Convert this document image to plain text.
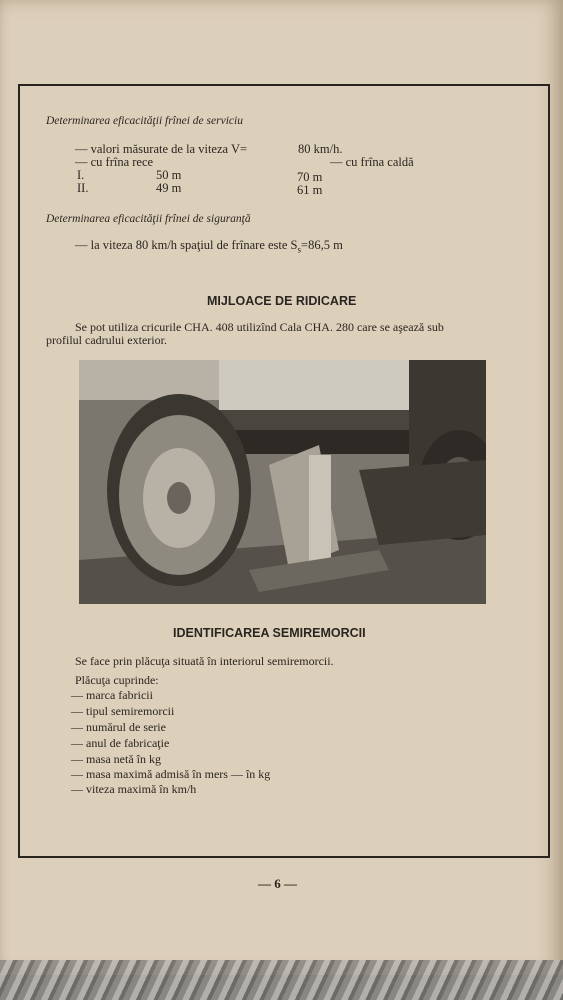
Determinarea eficacităţii frînei de serviciu
— valori măsurate de la viteza V=	80 km/h.
— cu frîna rece	— cu frîna caldă
I.	50 m	70 m
II.	49 m	61 m
Determinarea eficacităţii frînei de siguranţă
— la viteza 80 km/h spaţiul de frînare este $S_s=86,5$ m
MIJLOACE DE RIDICARE
Se pot utiliza cricurile CHA. 408 utilizînd Cala CHA. 280 care se aşează sub
profilul cadrului exterior.
IDENTIFICAREA SEMIREMORCII
Se face prin plăcuţa situată în interiorul semiremorcii.
Plăcuţa cuprinde:
— marca fabricii
— tipul semiremorcii
— numărul de serie
— anul de fabricaţie
— masa netă în kg
— masa maximă admisă în mers — în kg
— viteza maximă în km/h
— 6 —
